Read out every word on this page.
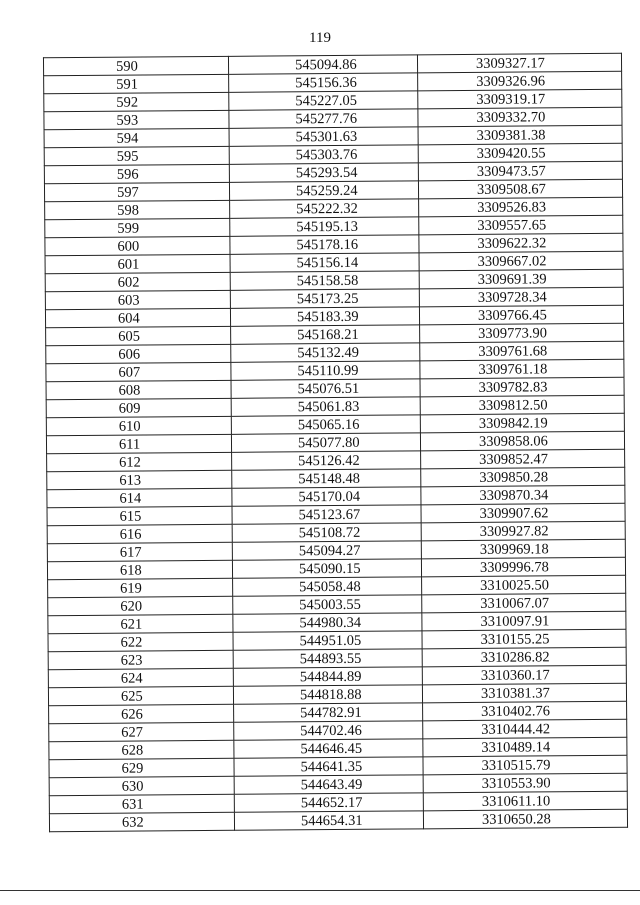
119
590	545094.86	3309327.17
591	545156.36	3309326.96
592	545227.05	3309319.17
593	545277.76	3309332.70
594	545301.63	3309381.38
595	545303.76	3309420.55
596	545293.54	3309473.57
597	545259.24	3309508.67
598	545222.32	3309526.83
599	545195.13	3309557.65
600	545178.16	3309622.32
601	545156.14	3309667.02
602	545158.58	3309691.39
603	545173.25	3309728.34
604	545183.39	3309766.45
605	545168.21	3309773.90
606	545132.49	3309761.68
607	545110.99	3309761.18
608	545076.51	3309782.83
609	545061.83	3309812.50
610	545065.16	3309842.19
611	545077.80	3309858.06
612	545126.42	3309852.47
613	545148.48	3309850.28
614	545170.04	3309870.34
615	545123.67	3309907.62
616	545108.72	3309927.82
617	545094.27	3309969.18
618	545090.15	3309996.78
619	545058.48	3310025.50
620	545003.55	3310067.07
621	544980.34	3310097.91
622	544951.05	3310155.25
623	544893.55	3310286.82
624	544844.89	3310360.17
625	544818.88	3310381.37
626	544782.91	3310402.76
627	544702.46	3310444.42
628	544646.45	3310489.14
629	544641.35	3310515.79
630	544643.49	3310553.90
631	544652.17	3310611.10
632	544654.31	3310650.28
